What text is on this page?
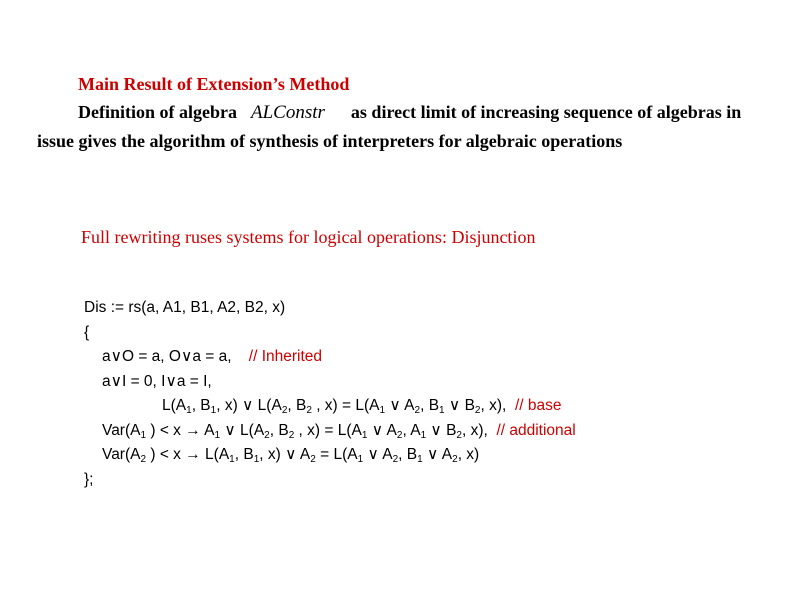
Main Result of Extension’s Method

Definition of algebra ALConstr as direct limit of increasing sequence of algebras in issue gives the algorithm of synthesis of interpreters for algebraic operations

Full rewriting ruses systems for logical operations: Disjunction
Dis := rs(a, A1, B1, A2, B2, x)
{
a∨O = a, O∨a = a, // Inherited
a∨I = 0, I∨a = I,
$L(A_1$, $B_1$, x) ∨ $L(A_2$, $B_2$ , $x) = L(A_1$ ∨ $A_2$, $B_1$ ∨ $B_2$, x), // base
$Var(A_1$ ) < $x \to A_1$ ∨ $L(A_2$, $B_2$ , $x) = L(A_1$ ∨ $A_2$, $A_1$ ∨ $B_2$, x), // additional
$Var(A_2$ ) < $x \to L(A_1$, $B_1$, x) ∨ $A_2 = L(A_1$ ∨ $A_2$, $B_1$ ∨ $A_2$, x)
};
